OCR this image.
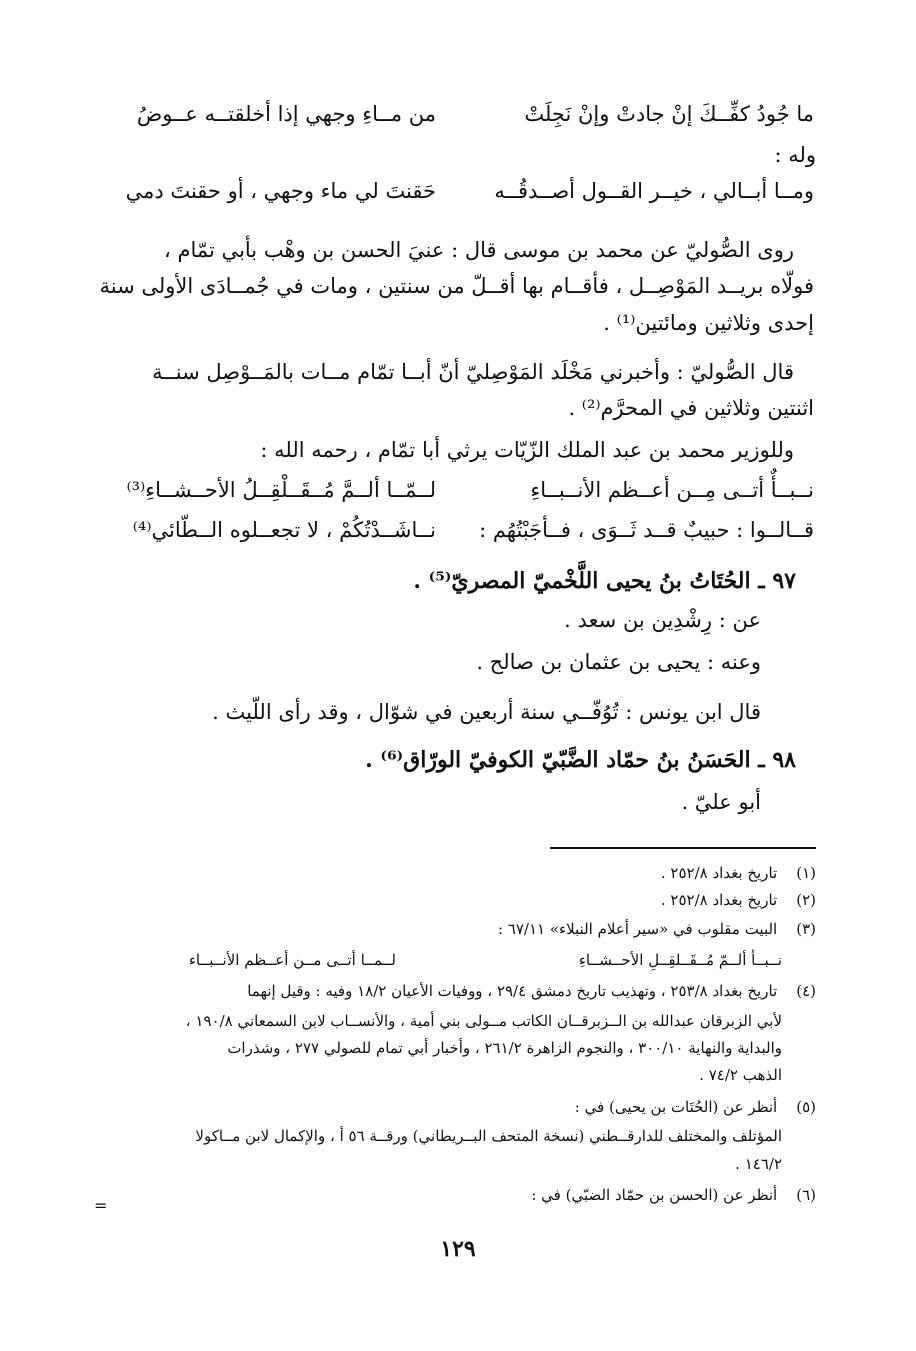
ما جُودُ كفِّــكَ إنْ جادتْ وإنْ نَجِلَتْ
من مــاءِ وجهي إذا أخلقتــه عــوضُ
وله :
ومــا أبــالي ، خيــر القــول أصــدقُــه
حَقنتَ لي ماء وجهي ، أو حقنتَ دمي
روى الصُّوليّ عن محمد بن موسى قال : عنيَ الحسن بن وهْب بأبي تمّام ،
فولّاه بريــد المَوْصِــل ، فأقــام بها أقــلّ من سنتين ، ومات في جُمــادَى الأولى سنة
إحدى وثلاثين ومائتين⁽¹⁾ .
قال الصُّوليّ : وأخبرني مَخْلَد المَوْصِليّ أنّ أبــا تمّام مــات بالمَــوْصِل سنــة
اثنتين وثلاثين في المحرَّم⁽²⁾ .
وللوزير محمد بن عبد الملك الزّيّات يرثي أبا تمّام ، رحمه الله :
نــبــأٌ أتــى مِــن أعــظم الأنــبــاءِ
لــمّــا ألــمَّ مُــقَــلْقِــلُ الأحــشــاءِ⁽³⁾
قــالــوا : حبيبٌ قــد ثَــوَى ، فــأجَبْتُهُم :
نــاشَــدْتُكُمْ ، لا تجعــلوه الــطّائي⁽⁴⁾
٩٧ ـ الحُتَاتُ بنُ يحيى اللَّخْميّ المصريّ⁽⁵⁾ .
عن : رِشْدِين بن سعد .
وعنه : يحيى بن عثمان بن صالح .
قال ابن يونس : تُوُفّــي سنة أربعين في شوّال ، وقد رأى اللّيث .
٩٨ ـ الحَسَنُ بنُ حمّاد الضَّبّيّ الكوفيّ الورّاق⁽⁶⁾ .
أبو عليّ .
(١) تاريخ بغداد ٢٥٢/٨ .
(٢) تاريخ بغداد ٢٥٢/٨ .
(٣) البيت مقلوب في «سير أعلام النبلاء» ٦٧/١١ :
نــبــأ ألــمّ مُــقَــلقِــلِ الأحــشــاءِ
لــمــا أتــى مــن أعــظم الأنــبــاء
(٤) تاريخ بغداد ٢٥٣/٨ ، وتهذيب تاريخ دمشق ٢٩/٤ ، ووفيات الأعيان ١٨/٢ وفيه : وقيل إنهما
لأبي الزبرقان عبدالله بن الــزبرقــان الكاتب مــولى بني أمية ، والأنســاب لابن السمعاني ١٩٠/٨ ،
والبداية والنهاية ٣٠٠/١٠ ، والنجوم الزاهرة ٢٦١/٢ ، وأخبار أبي تمام للصولي ٢٧٧ ، وشذرات
الذهب ٧٤/٢ .
(٥) أنظر عن (الحُتَات بن يحيى) في :
المؤتلف والمختلف للدارقــطني (نسخة المتحف البــريطاني) ورقــة ٥٦ أ ، والإكمال لابن مــاكولا
١٤٦/٢ .
(٦) أنظر عن (الحسن بن حمّاد الضبّي) في :
=
١٢٩
